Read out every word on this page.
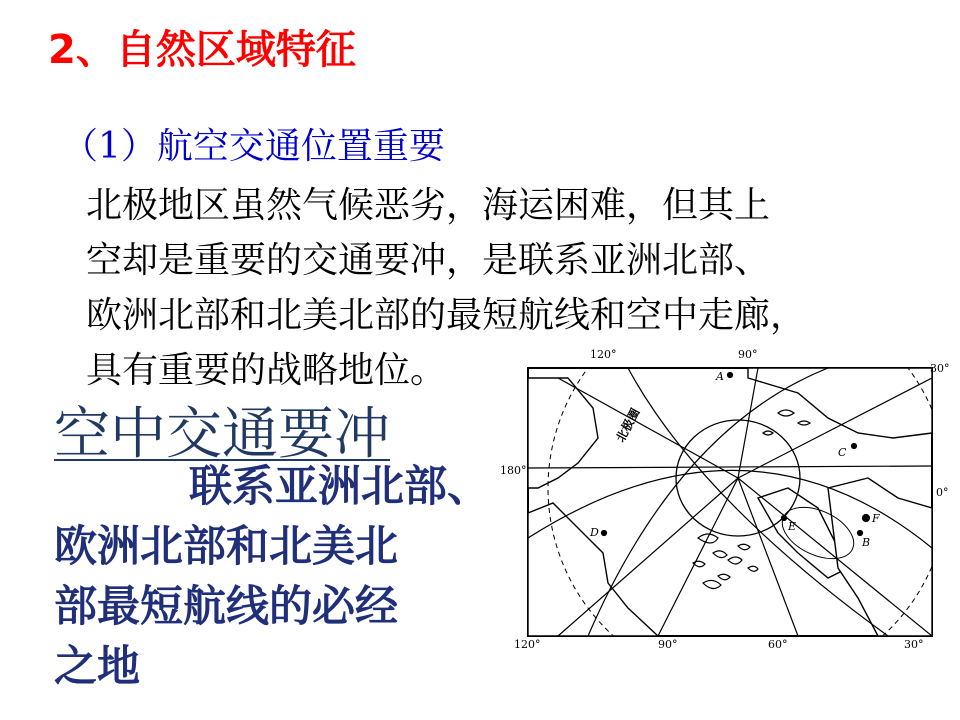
2、自然区域特征
（1）航空交通位置重要
北极地区虽然气候恶劣，海运困难，但其上
空却是重要的交通要冲，是联系亚洲北部、
欧洲北部和北美北部的最短航线和空中走廊，
具有重要的战略地位。
空中交通要冲
联系亚洲北部、
欧洲北部和北美北
部最短航线的必经
之地
120°	90°
30°
180°
0°
120°	90°	60°	30°
北极圈
A
B
C
D	E
F
